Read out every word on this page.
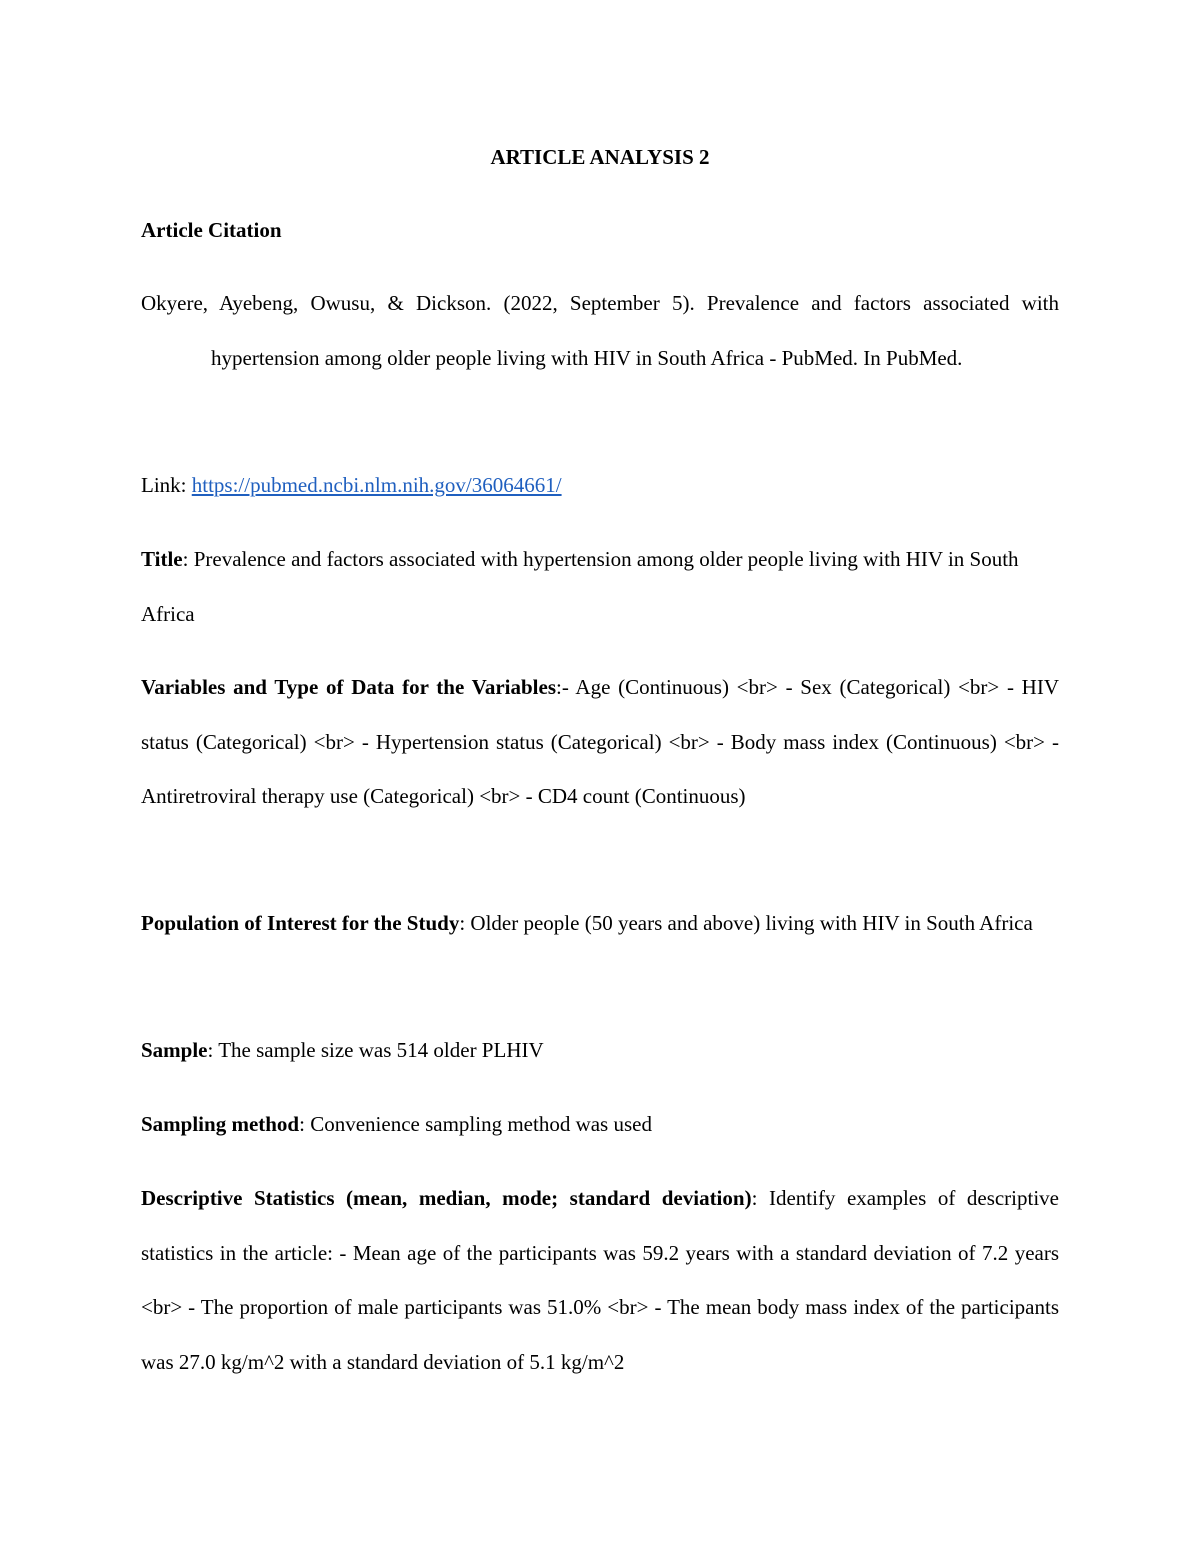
ARTICLE ANALYSIS 2
Article Citation

Okyere, Ayebeng, Owusu, & Dickson. (2022, September 5). Prevalence and factors associated with hypertension among older people living with HIV in South Africa - PubMed. In PubMed.

Link: https://pubmed.ncbi.nlm.nih.gov/36064661/

Title: Prevalence and factors associated with hypertension among older people living with HIV in South Africa

Variables and Type of Data for the Variables:- Age (Continuous) <br> - Sex (Categorical) <br> - HIV status (Categorical) <br> - Hypertension status (Categorical) <br> - Body mass index (Continuous) <br> - Antiretroviral therapy use (Categorical) <br> - CD4 count (Continuous)

Population of Interest for the Study: Older people (50 years and above) living with HIV in South Africa

Sample: The sample size was 514 older PLHIV

Sampling method: Convenience sampling method was used

Descriptive Statistics (mean, median, mode; standard deviation): Identify examples of descriptive statistics in the article: - Mean age of the participants was 59.2 years with a standard deviation of 7.2 years <br> - The proportion of male participants was 51.0% <br> - The mean body mass index of the participants was 27.0 kg/m^2 with a standard deviation of 5.1 kg/m^2
